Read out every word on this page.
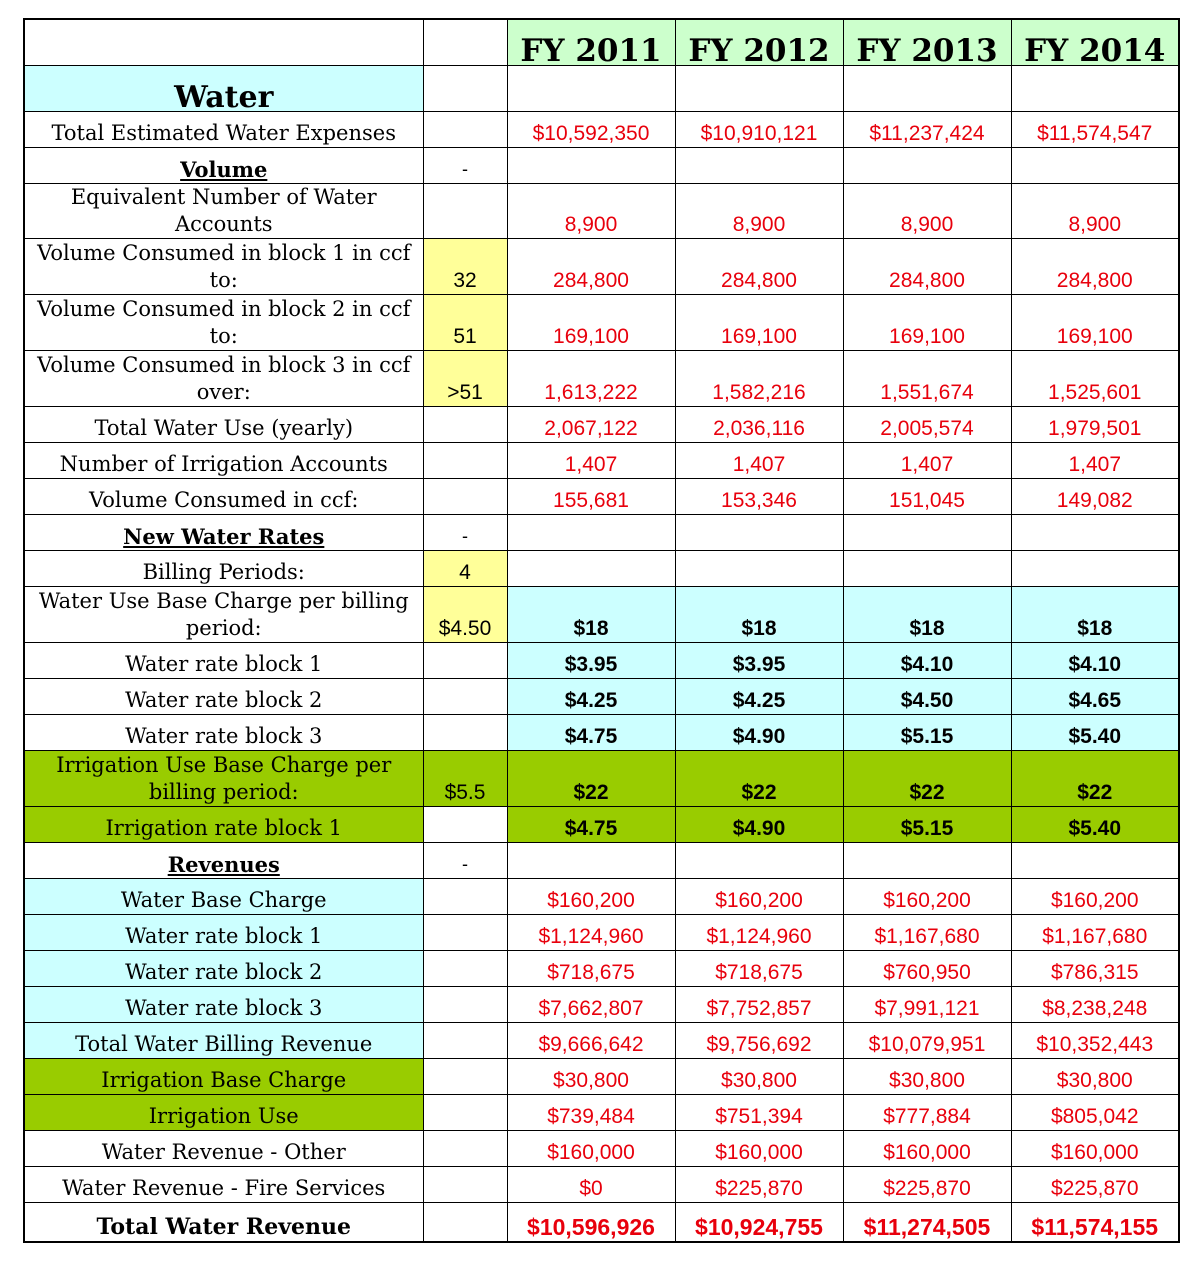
		FY 2011	FY 2012	FY 2013	FY 2014
Water					
Total Estimated Water Expenses		$10,592,350	$10,910,121	$11,237,424	$11,574,547
Volume	-				
Equivalent Number of Water Accounts		8,900	8,900	8,900	8,900
Volume Consumed in block 1 in ccf to:	32	284,800	284,800	284,800	284,800
Volume Consumed in block 2 in ccf to:	51	169,100	169,100	169,100	169,100
Volume Consumed in block 3 in ccf over:	>51	1,613,222	1,582,216	1,551,674	1,525,601
Total Water Use (yearly)		2,067,122	2,036,116	2,005,574	1,979,501
Number of Irrigation Accounts		1,407	1,407	1,407	1,407
Volume Consumed in ccf:		155,681	153,346	151,045	149,082
New Water Rates	-				
Billing Periods:	4				
Water Use Base Charge per billing period:	$4.50	$18	$18	$18	$18
Water rate block 1		$3.95	$3.95	$4.10	$4.10
Water rate block 2		$4.25	$4.25	$4.50	$4.65
Water rate block 3		$4.75	$4.90	$5.15	$5.40
Irrigation Use Base Charge per billing period:	$5.5	$22	$22	$22	$22
Irrigation rate block 1		$4.75	$4.90	$5.15	$5.40
Revenues	-				
Water Base Charge		$160,200	$160,200	$160,200	$160,200
Water rate block 1		$1,124,960	$1,124,960	$1,167,680	$1,167,680
Water rate block 2		$718,675	$718,675	$760,950	$786,315
Water rate block 3		$7,662,807	$7,752,857	$7,991,121	$8,238,248
Total Water Billing Revenue		$9,666,642	$9,756,692	$10,079,951	$10,352,443
Irrigation Base Charge		$30,800	$30,800	$30,800	$30,800
Irrigation Use		$739,484	$751,394	$777,884	$805,042
Water Revenue - Other		$160,000	$160,000	$160,000	$160,000
Water Revenue - Fire Services		$0	$225,870	$225,870	$225,870
Total Water Revenue		$10,596,926	$10,924,755	$11,274,505	$11,574,155
